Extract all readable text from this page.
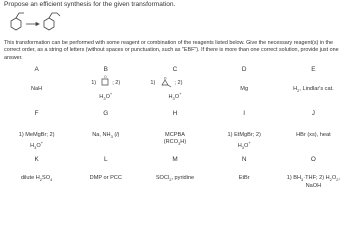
Propose an efficient synthesis for the given transformation.
This transformation can be performed with some reagent or combination of the reagents listed below. Give the necessary reagent(s) in the correct order, as a string of letters (without spaces or punctuation, such as "EBF"). If there is more than one correct solution, provide just one answer.
A
NaH
B
1)
O
; 2)
$H_3O^+$
C
1)
O
; 2)
$H_3O^+$
D
Mg
E
$H_2$, Lindlar's cat.
F
1) MeMgBr; 2)
$H_3O^+$
G
Na, $NH_3$ (l)
H
MCPBA
$(RCO_3H)$
I
1) EtMgBr; 2)
$H_3O^+$
J
HBr (xs), heat
K
dilute $H_2SO_4$
L
DMP or PCC
M
SOCl$_2$, pyridine
N
EtBr
O
1) $BH_3\cdot THF$; 2) $H_2O_2$,
NaOH
